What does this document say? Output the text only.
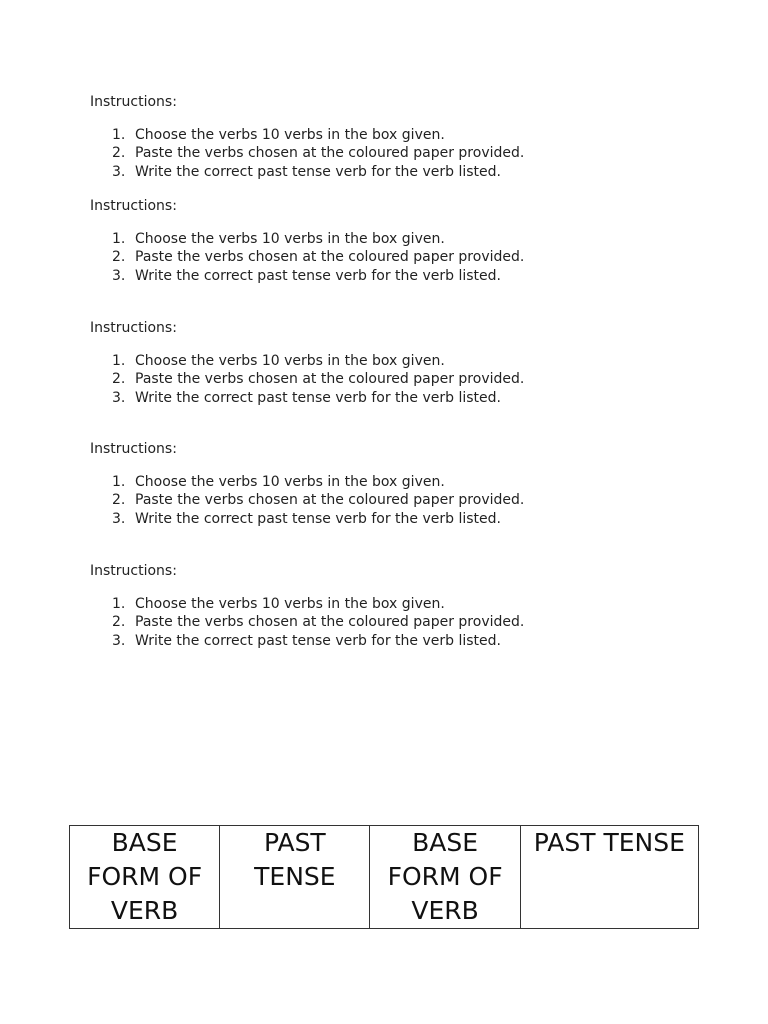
Instructions:

1. Choose the verbs 10 verbs in the box given.
2. Paste the verbs chosen at the coloured paper provided.
3. Write the correct past tense verb for the verb listed.

Instructions:

1. Choose the verbs 10 verbs in the box given.
2. Paste the verbs chosen at the coloured paper provided.
3. Write the correct past tense verb for the verb listed.

Instructions:

1. Choose the verbs 10 verbs in the box given.
2. Paste the verbs chosen at the coloured paper provided.
3. Write the correct past tense verb for the verb listed.

Instructions:

1. Choose the verbs 10 verbs in the box given.
2. Paste the verbs chosen at the coloured paper provided.
3. Write the correct past tense verb for the verb listed.

Instructions:

1. Choose the verbs 10 verbs in the box given.
2. Paste the verbs chosen at the coloured paper provided.
3. Write the correct past tense verb for the verb listed.
BASE FORM OF VERB	PAST TENSE	BASE FORM OF VERB	PAST TENSE
